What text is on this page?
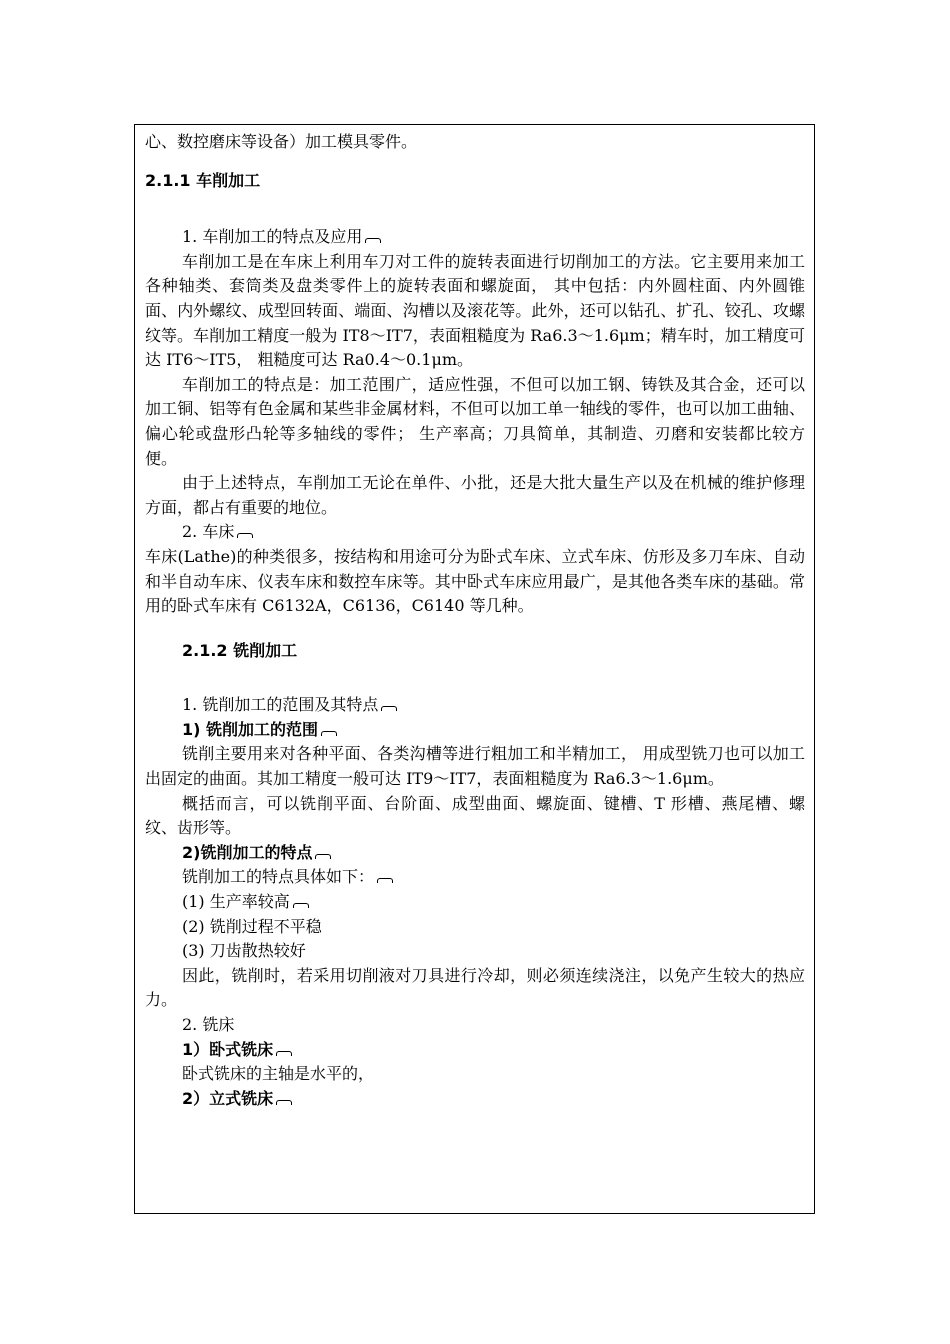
心、数控磨床等设备）加工模具零件。

2.1.1 车削加工

1. 车削加工的特点及应用

车削加工是在车床上利用车刀对工件的旋转表面进行切削加工的方法。它主要用来加工各种轴类、套筒类及盘类零件上的旋转表面和螺旋面， 其中包括：内外圆柱面、内外圆锥面、内外螺纹、成型回转面、端面、沟槽以及滚花等。此外，还可以钻孔、扩孔、铰孔、攻螺纹等。车削加工精度一般为 IT8～IT7，表面粗糙度为 Ra6.3～1.6μm；精车时，加工精度可达 IT6～IT5， 粗糙度可达 Ra0.4～0.1μm。

车削加工的特点是：加工范围广，适应性强，不但可以加工钢、铸铁及其合金，还可以加工铜、铝等有色金属和某些非金属材料，不但可以加工单一轴线的零件，也可以加工曲轴、偏心轮或盘形凸轮等多轴线的零件； 生产率高；刀具简单，其制造、刃磨和安装都比较方便。

由于上述特点，车削加工无论在单件、小批，还是大批大量生产以及在机械的维护修理方面，都占有重要的地位。

2. 车床

车床(Lathe)的种类很多，按结构和用途可分为卧式车床、立式车床、仿形及多刀车床、自动和半自动车床、仪表车床和数控车床等。其中卧式车床应用最广，是其他各类车床的基础。常用的卧式车床有 C6132A，C6136，C6140 等几种。

2.1.2 铣削加工

1. 铣削加工的范围及其特点

1) 铣削加工的范围

铣削主要用来对各种平面、各类沟槽等进行粗加工和半精加工， 用成型铣刀也可以加工出固定的曲面。其加工精度一般可达 IT9～IT7，表面粗糙度为 Ra6.3～1.6μm。

概括而言，可以铣削平面、台阶面、成型曲面、螺旋面、键槽、T 形槽、燕尾槽、螺纹、齿形等。

2)铣削加工的特点

铣削加工的特点具体如下：

(1) 生产率较高

(2) 铣削过程不平稳

(3) 刀齿散热较好

因此，铣削时，若采用切削液对刀具进行冷却，则必须连续浇注，以免产生较大的热应力。

2. 铣床

1）卧式铣床

卧式铣床的主轴是水平的，

2）立式铣床
